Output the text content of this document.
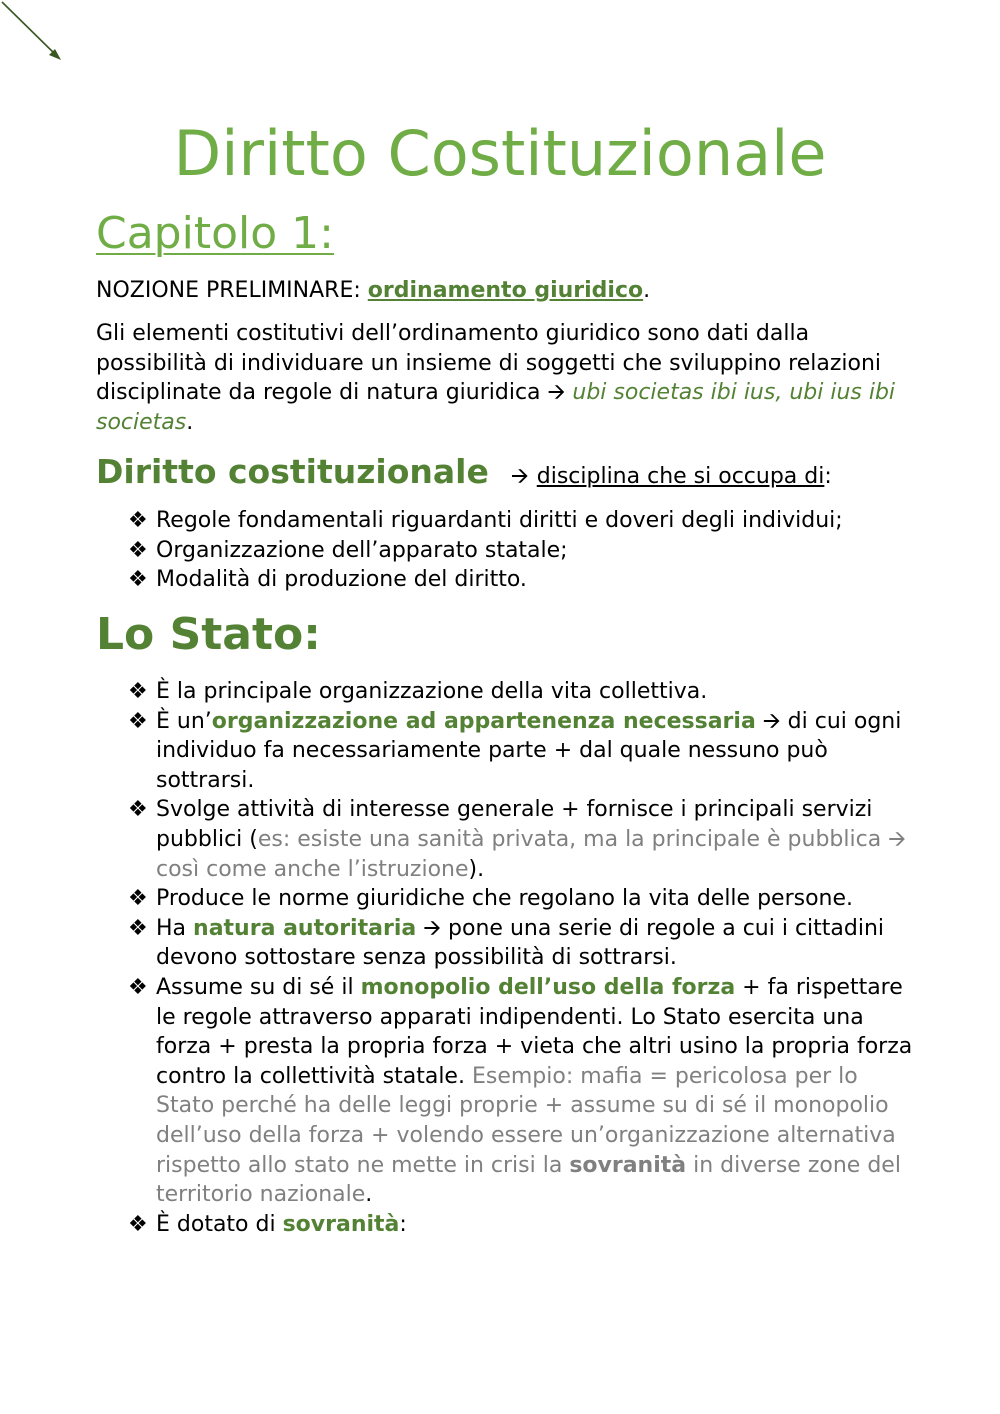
Diritto Costituzionale
Capitolo 1:

NOZIONE PRELIMINARE: ordinamento giuridico.

Gli elementi costitutivi dell’ordinamento giuridico sono dati dalla possibilità di individuare un insieme di soggetti che sviluppino relazioni disciplinate da regole di natura giuridica 🡪 ubi societas ibi ius, ubi ius ibi societas.

Diritto costituzionale 🡪 disciplina che si occupa di:
❖ Regole fondamentali riguardanti diritti e doveri degli individui;
❖ Organizzazione dell’apparato statale;
❖ Modalità di produzione del diritto.
Lo Stato:
❖ È la principale organizzazione della vita collettiva.
❖ È un’organizzazione ad appartenenza necessaria 🡪 di cui ogni individuo fa necessariamente parte + dal quale nessuno può sottrarsi.
❖ Svolge attività di interesse generale + fornisce i principali servizi pubblici (es: esiste una sanità privata, ma la principale è pubblica 🡪 così come anche l’istruzione).
❖ Produce le norme giuridiche che regolano la vita delle persone.
❖ Ha natura autoritaria 🡪 pone una serie di regole a cui i cittadini devono sottostare senza possibilità di sottrarsi.
❖ Assume su di sé il monopolio dell’uso della forza + fa rispettare le regole attraverso apparati indipendenti. Lo Stato esercita una forza + presta la propria forza + vieta che altri usino la propria forza contro la collettività statale. Esempio: mafia = pericolosa per lo Stato perché ha delle leggi proprie + assume su di sé il monopolio dell’uso della forza + volendo essere un’organizzazione alternativa rispetto allo stato ne mette in crisi la sovranità in diverse zone del territorio nazionale.
❖ È dotato di sovranità:
